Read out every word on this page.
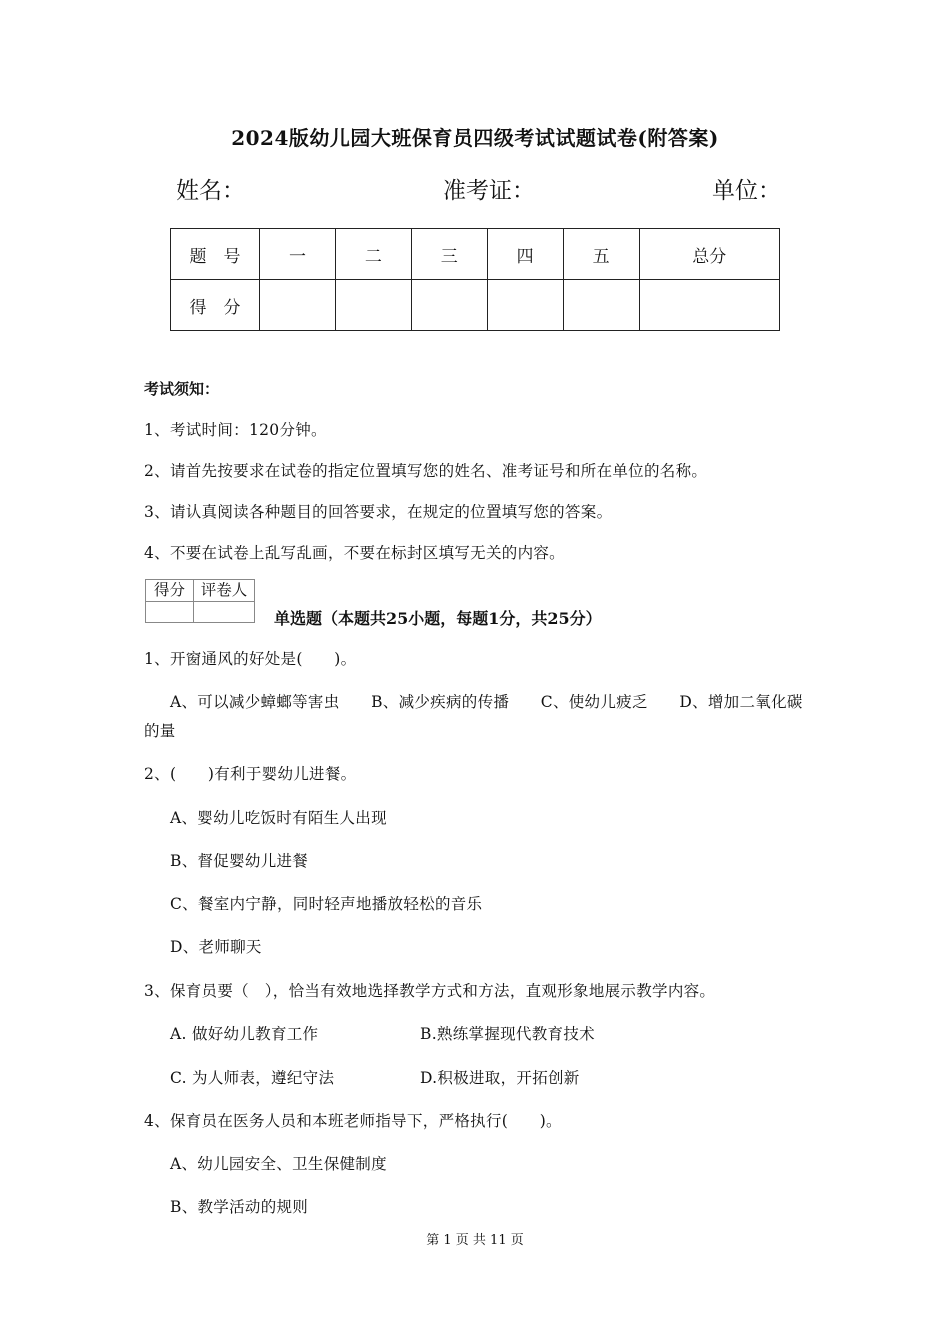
2024版幼儿园大班保育员四级考试试题试卷(附答案)
姓名：	准考证：	单位：
题　号	一	二	三	四	五	总分
得　分						
考试须知：
1、考试时间：120分钟。
2、请首先按要求在试卷的指定位置填写您的姓名、准考证号和所在单位的名称。
3、请认真阅读各种题目的回答要求，在规定的位置填写您的答案。
4、不要在试卷上乱写乱画，不要在标封区填写无关的内容。
得分	评卷人
单选题（本题共25小题，每题1分，共25分）
1、开窗通风的好处是(　　)。
A、可以减少蟑螂等害虫　　B、减少疾病的传播　　C、使幼儿疲乏　　D、增加二氧化碳
的量
2、(　　)有利于婴幼儿进餐。
A、婴幼儿吃饭时有陌生人出现
B、督促婴幼儿进餐
C、餐室内宁静，同时轻声地播放轻松的音乐
D、老师聊天
3、保育员要（　），恰当有效地选择教学方式和方法，直观形象地展示教学内容。
A. 做好幼儿教育工作	B.熟练掌握现代教育技术
C. 为人师表，遵纪守法	D.积极进取，开拓创新
4、保育员在医务人员和本班老师指导下，严格执行(　　)。
A、幼儿园安全、卫生保健制度
B、教学活动的规则
第 1 页 共 11 页
